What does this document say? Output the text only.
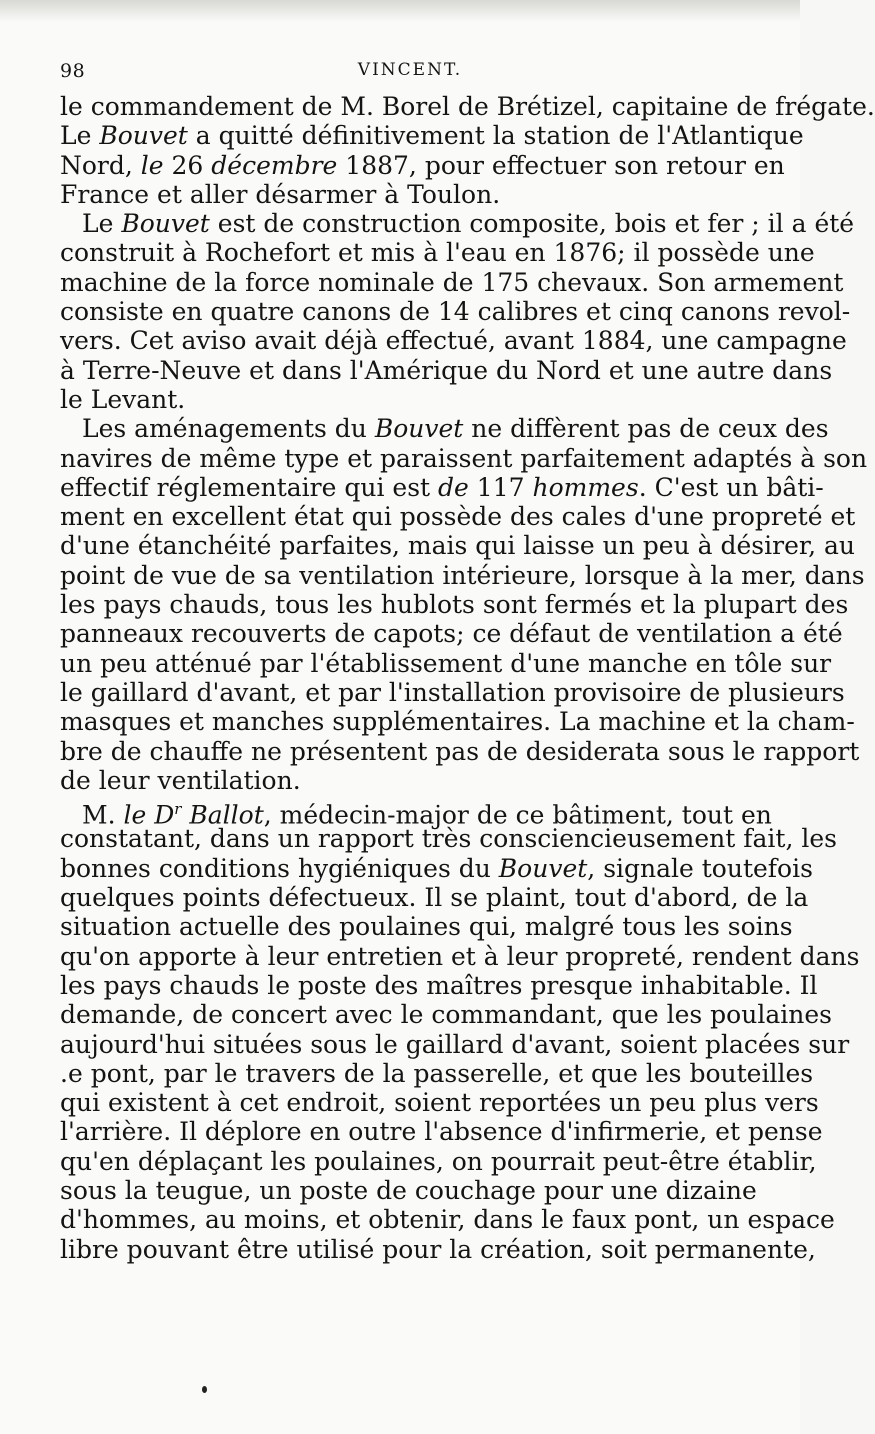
98	VINCENT.
le commandement de M. Borel de Brétizel, capitaine de frégate.
Le Bouvet a quitté définitivement la station de l'Atlantique
Nord, le 26 décembre 1887, pour effectuer son retour en
France et aller désarmer à Toulon.
Le Bouvet est de construction composite, bois et fer ; il a été
construit à Rochefort et mis à l'eau en 1876; il possède une
machine de la force nominale de 175 chevaux. Son armement
consiste en quatre canons de 14 calibres et cinq canons revol-
vers. Cet aviso avait déjà effectué, avant 1884, une campagne
à Terre-Neuve et dans l'Amérique du Nord et une autre dans
le Levant.
Les aménagements du Bouvet ne diffèrent pas de ceux des
navires de même type et paraissent parfaitement adaptés à son
effectif réglementaire qui est de 117 hommes. C'est un bâti-
ment en excellent état qui possède des cales d'une propreté et
d'une étanchéité parfaites, mais qui laisse un peu à désirer, au
point de vue de sa ventilation intérieure, lorsque à la mer, dans
les pays chauds, tous les hublots sont fermés et la plupart des
panneaux recouverts de capots; ce défaut de ventilation a été
un peu atténué par l'établissement d'une manche en tôle sur
le gaillard d'avant, et par l'installation provisoire de plusieurs
masques et manches supplémentaires. La machine et la cham-
bre de chauffe ne présentent pas de desiderata sous le rapport
de leur ventilation.
M. le $D^r$ Ballot, médecin-major de ce bâtiment, tout en
constatant, dans un rapport très consciencieusement fait, les
bonnes conditions hygiéniques du Bouvet, signale toutefois
quelques points défectueux. Il se plaint, tout d'abord, de la
situation actuelle des poulaines qui, malgré tous les soins
qu'on apporte à leur entretien et à leur propreté, rendent dans
les pays chauds le poste des maîtres presque inhabitable. Il
demande, de concert avec le commandant, que les poulaines
aujourd'hui situées sous le gaillard d'avant, soient placées sur
.e pont, par le travers de la passerelle, et que les bouteilles
qui existent à cet endroit, soient reportées un peu plus vers
l'arrière. Il déplore en outre l'absence d'infirmerie, et pense
qu'en déplaçant les poulaines, on pourrait peut-être établir,
sous la teugue, un poste de couchage pour une dizaine
d'hommes, au moins, et obtenir, dans le faux pont, un espace
libre pouvant être utilisé pour la création, soit permanente,
